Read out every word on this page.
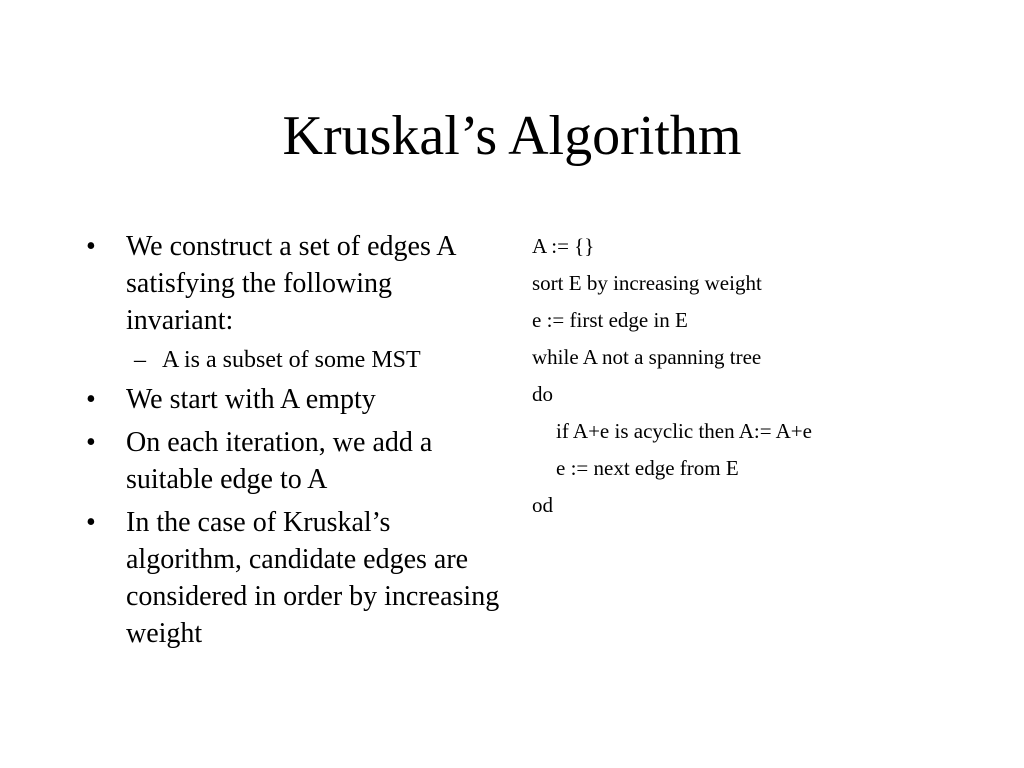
Kruskal’s Algorithm
•	We construct a set of edges A satisfying the following invariant:
– A is a subset of some MST
•	We start with A empty
•	On each iteration, we add a suitable edge to A
•	In the case of Kruskal’s algorithm, candidate edges are considered in order by increasing weight
A := {}
sort E by increasing weight
e := first edge in E
while A not a spanning tree
do
if A+e is acyclic then A:= A+e
e := next edge from E
od
